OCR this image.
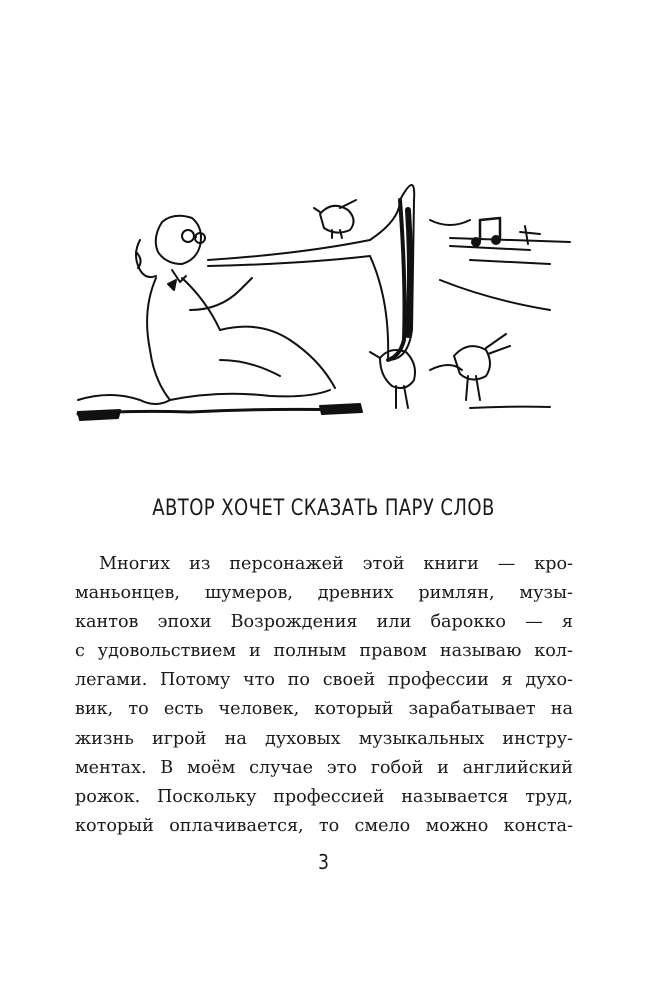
АВТОР ХОЧЕТ СКАЗАТЬ ПАРУ СЛОВ
Многих из персонажей этой книги — кро-
маньонцев, шумеров, древних римлян, музы-
кантов эпохи Возрождения или барокко — я
с удовольствием и полным правом называю кол-
легами. Потому что по своей профессии я духо-
вик, то есть человек, который зарабатывает на
жизнь игрой на духовых музыкальных инстру-
ментах. В моём случае это гобой и английский
рожок. Поскольку профессией называется труд,
который оплачивается, то смело можно конста-
3
